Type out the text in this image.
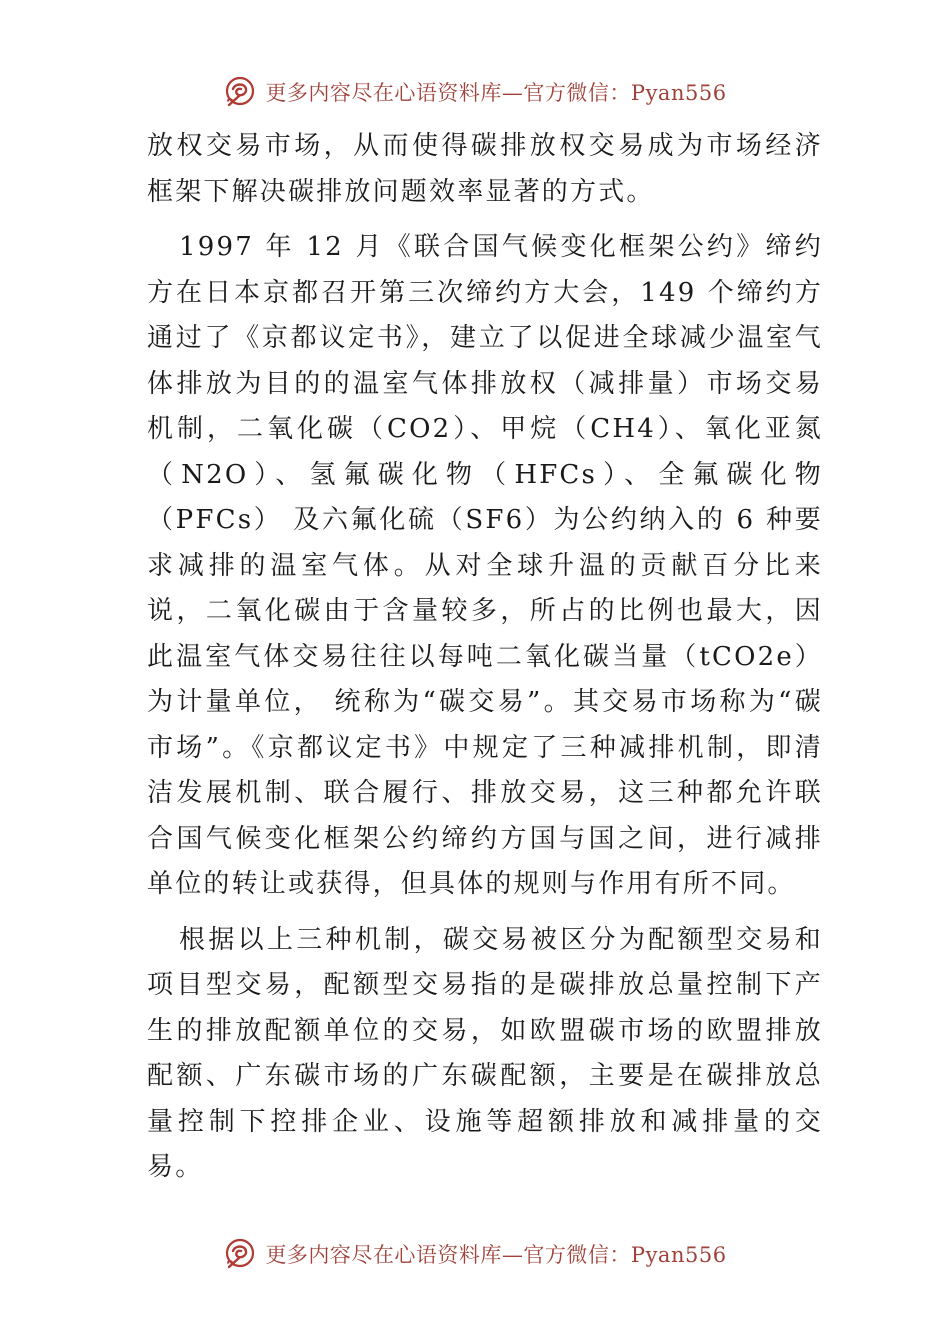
更多内容尽在心语资料库—官方微信：Pyan556

放权交易市场，从而使得碳排放权交易成为市场经济框架下解决碳排放问题效率显著的方式。

1997 年 12 月《联合国气候变化框架公约》缔约方在日本京都召开第三次缔约方大会，149 个缔约方通过了《京都议定书》，建立了以促进全球减少温室气体排放为目的的温室气体排放权（减排量）市场交易机制，二氧化碳（CO2）、甲烷（CH4）、氧化亚氮（N2O）、氢氟碳化物（HFCs）、全氟碳化物（PFCs） 及六氟化硫（SF6）为公约纳入的 6 种要求减排的温室气体。从对全球升温的贡献百分比来说，二氧化碳由于含量较多，所占的比例也最大，因此温室气体交易往往以每吨二氧化碳当量（tCO2e）为计量单位， 统称为“碳交易”。其交易市场称为“碳市场”。《京都议定书》中规定了三种减排机制，即清洁发展机制、联合履行、排放交易，这三种都允许联合国气候变化框架公约缔约方国与国之间，进行减排单位的转让或获得，但具体的规则与作用有所不同。

根据以上三种机制，碳交易被区分为配额型交易和项目型交易，配额型交易指的是碳排放总量控制下产生的排放配额单位的交易，如欧盟碳市场的欧盟排放配额、广东碳市场的广东碳配额，主要是在碳排放总量控制下控排企业、设施等超额排放和减排量的交易。

更多内容尽在心语资料库—官方微信：Pyan556
